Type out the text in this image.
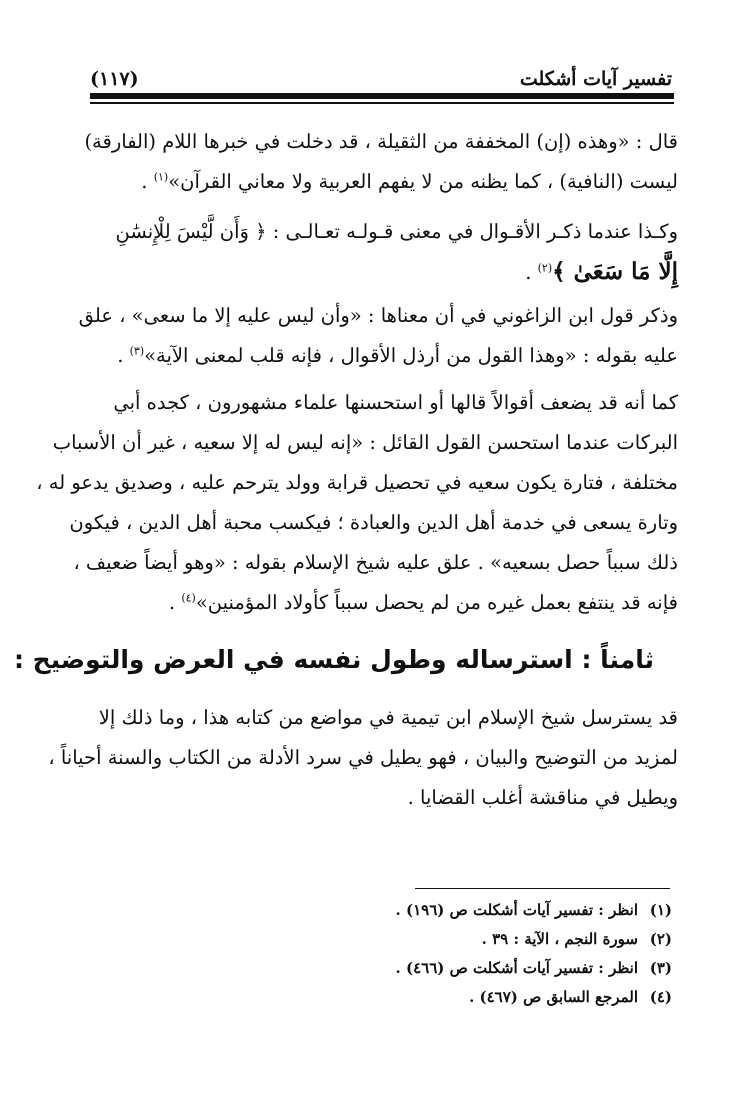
تفسير آيات أشكلت
(١١٧)

قال : «وهذه (إن) المخففة من الثقيلة ، قد دخلت في خبرها اللام (الفارقة)
ليست (النافية) ، كما يظنه من لا يفهم العربية ولا معاني القرآن»$^{(١)}$ .

وكـذا عندما ذكـر الأقـوال في معنى قـولـه تعـالـى : ﴿ وَأَن لَّيْسَ لِلْإِنسَٰنِ
إِلَّا مَا سَعَىٰ ﴾$^{(٢)}$ .

وذكر قول ابن الزاغوني في أن معناها : «وأن ليس عليه إلا ما سعى» ، علق
عليه بقوله : «وهذا القول من أرذل الأقوال ، فإنه قلب لمعنى الآية»$^{(٣)}$ .

كما أنه قد يضعف أقوالاً قالها أو استحسنها علماء مشهورون ، كجده أبي
البركات عندما استحسن القول القائل : «إنه ليس له إلا سعيه ، غير أن الأسباب
مختلفة ، فتارة يكون سعيه في تحصيل قرابة وولد يترحم عليه ، وصديق يدعو له ،
وتارة يسعى في خدمة أهل الدين والعبادة ؛ فيكسب محبة أهل الدين ، فيكون
ذلك سبباً حصل بسعيه» . علق عليه شيخ الإسلام بقوله : «وهو أيضاً ضعيف ،
فإنه قد ينتفع بعمل غيره من لم يحصل سبباً كأولاد المؤمنين»$^{(٤)}$ .

ثامناً : استرساله وطول نفسه في العرض والتوضيح :

قد يسترسل شيخ الإسلام ابن تيمية في مواضع من كتابه هذا ، وما ذلك إلا
لمزيد من التوضيح والبيان ، فهو يطيل في سرد الأدلة من الكتاب والسنة أحياناً ،
ويطيل في مناقشة أغلب القضايا .

(١)انظر : تفسير آيات أشكلت ص (١٩٦) .
(٢)سورة النجم ، الآية : ٣٩ .
(٣)انظر : تفسير آيات أشكلت ص (٤٦٦) .
(٤)المرجع السابق ص (٤٦٧) .
